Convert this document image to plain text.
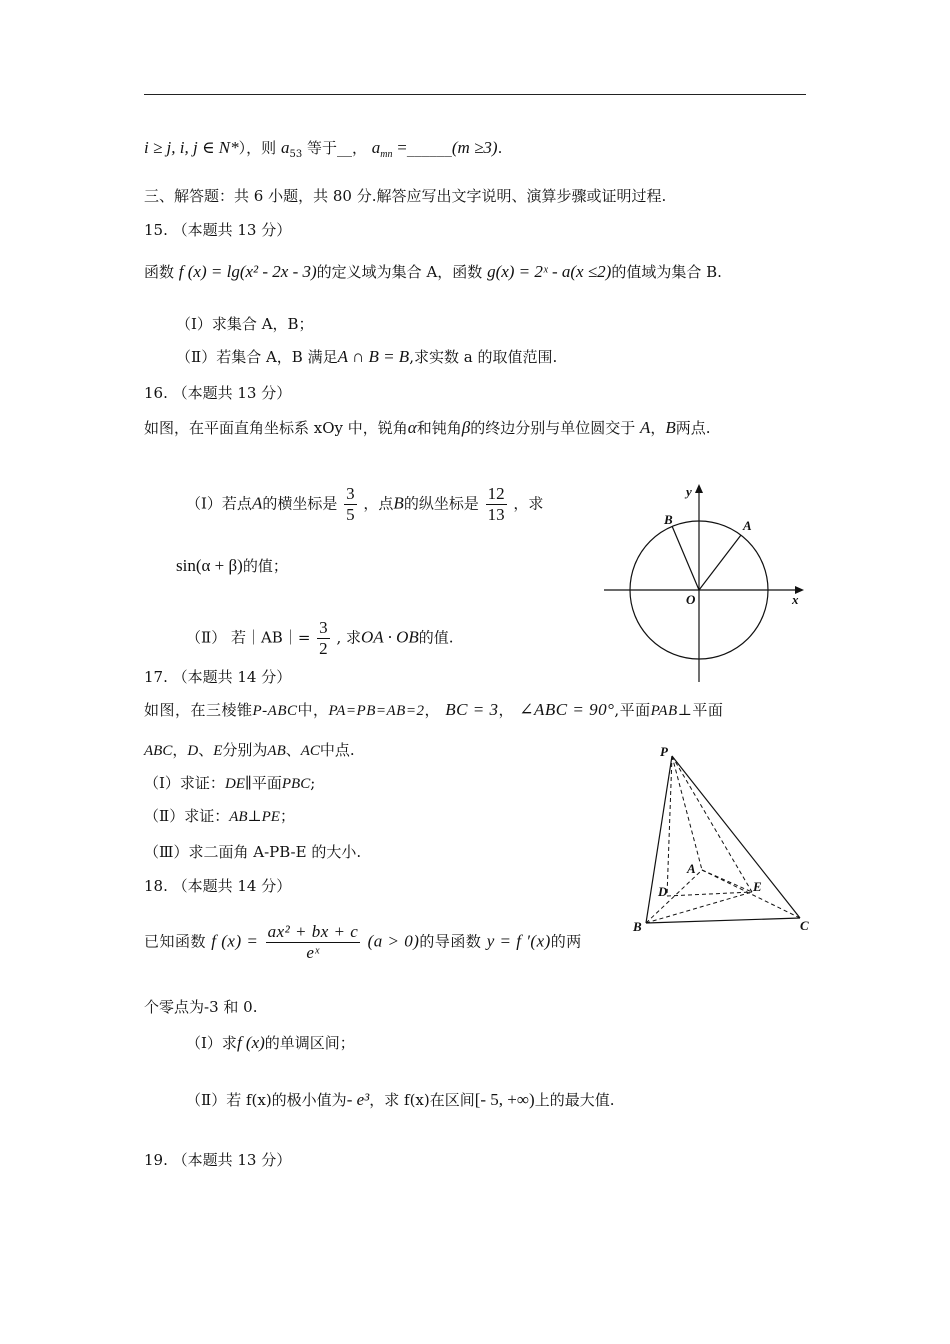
i ≥ j, i, j ∈ N*），则 $a_{53}$ 等于__， $a_{mn}$ =______(m ≥3).
三、解答题：共 6 小题，共 80 分.解答应写出文字说明、演算步骤或证明过程.
15. （本题共 13 分）
函数 f (x) = lg(x² - 2x - 3)的定义域为集合 A，函数 g(x) = 2ˣ - a(x ≤2)的值域为集合 B.
（Ⅰ）求集合 A，B；
（Ⅱ）若集合 A，B 满足A ∩ B = B,求实数 a 的取值范围.
16. （本题共 13 分）
如图，在平面直角坐标系 xOy 中，锐角α和钝角β的终边分别与单位圆交于 A，B两点.
（Ⅰ）若点A的横坐标是 $\frac{3}{5}$ ，点B的纵坐标是 $\frac{12}{13}$ ，求
sin(α + β)的值；
（Ⅱ） 若｜AB｜= $\frac{3}{2}$ , 求OA · OB的值.
y
x
O
A
B
17. （本题共 14 分）
如图，在三棱锥P-ABC中，PA=PB=AB=2， BC = 3， ∠ABC = 90°,平面PAB⊥平面
ABC，D、E分别为AB、AC中点.
（Ⅰ）求证：DE∥平面PBC;
（Ⅱ）求证：AB⊥PE；
（Ⅲ）求二面角 A-PB-E 的大小.
P
A
D	E
B	C
18. （本题共 14 分）
已知函数 f $(x) = \frac{\text{ax² + bx + c}}{\text{eˣ}} (a > 0)$的导函数 y = f ′(x)的两
个零点为-3 和 0.
（Ⅰ）求f (x)的单调区间；
（Ⅱ）若 f(x)的极小值为- e³，求 f(x)在区间[- 5, +∞)上的最大值.
19. （本题共 13 分）
